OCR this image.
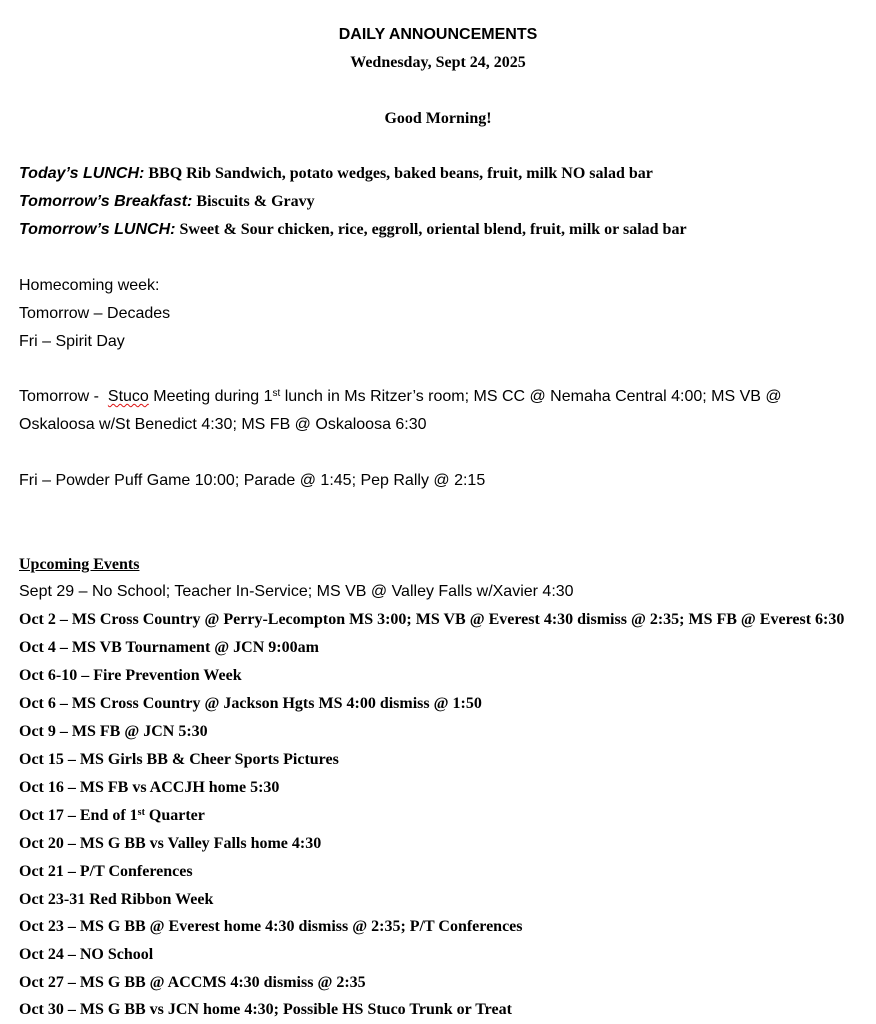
DAILY ANNOUNCEMENTS
Wednesday, Sept 24, 2025
Good Morning!
Today’s LUNCH: BBQ Rib Sandwich, potato wedges, baked beans, fruit, milk NO salad bar
Tomorrow’s Breakfast: Biscuits & Gravy
Tomorrow’s LUNCH: Sweet & Sour chicken, rice, eggroll, oriental blend, fruit, milk or salad bar
Homecoming week:
Tomorrow – Decades
Fri – Spirit Day
Tomorrow -  Stuco Meeting during 1st lunch in Ms Ritzer’s room; MS CC @ Nemaha Central 4:00; MS VB @
Oskaloosa w/St Benedict 4:30; MS FB @ Oskaloosa 6:30
Fri – Powder Puff Game 10:00; Parade @ 1:45; Pep Rally @ 2:15
Upcoming Events
Sept 29 – No School; Teacher In-Service; MS VB @ Valley Falls w/Xavier 4:30
Oct 2 – MS Cross Country @ Perry-Lecompton MS 3:00; MS VB @ Everest 4:30 dismiss @ 2:35; MS FB @ Everest 6:30
Oct 4 – MS VB Tournament @ JCN 9:00am
Oct 6-10 – Fire Prevention Week
Oct 6 – MS Cross Country @ Jackson Hgts MS 4:00 dismiss @ 1:50
Oct 9 – MS FB @ JCN 5:30
Oct 15 – MS Girls BB & Cheer Sports Pictures
Oct 16 – MS FB vs ACCJH home 5:30
Oct 17 – End of 1st Quarter
Oct 20 – MS G BB vs Valley Falls home 4:30
Oct 21 – P/T Conferences
Oct 23-31 Red Ribbon Week
Oct 23 – MS G BB @ Everest home 4:30 dismiss @ 2:35; P/T Conferences
Oct 24 – NO School
Oct 27 – MS G BB @ ACCMS 4:30 dismiss @ 2:35
Oct 30 – MS G BB vs JCN home 4:30; Possible HS Stuco Trunk or Treat
